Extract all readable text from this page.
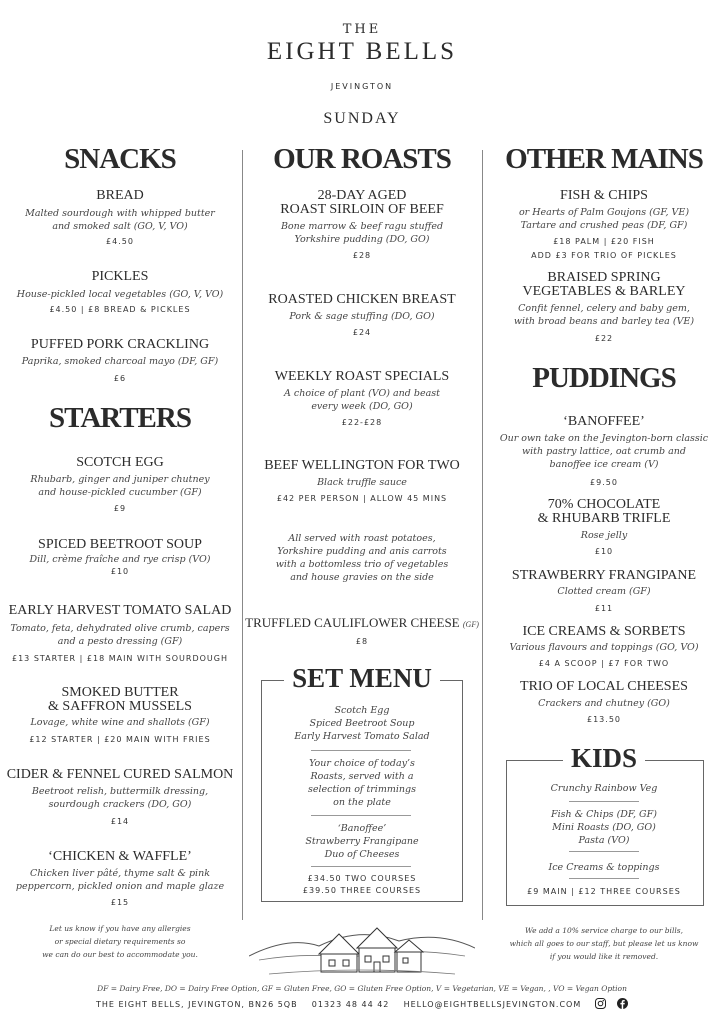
THE
EIGHT BELLS
JEVINGTON
SUNDAY
SNACKS
BREAD
Malted sourdough with whipped butter
and smoked salt (GO, V, VO)
£4.50
PICKLES
House-pickled local vegetables (GO, V, VO)
£4.50 | £8 BREAD & PICKLES
PUFFED PORK CRACKLING
Paprika, smoked charcoal mayo (DF, GF)
£6
STARTERS
SCOTCH EGG
Rhubarb, ginger and juniper chutney
and house-pickled cucumber (GF)
£9
SPICED BEETROOT SOUP
Dill, crème fraîche and rye crisp (VO)
£10
EARLY HARVEST TOMATO SALAD
Tomato, feta, dehydrated olive crumb, capers
and a pesto dressing (GF)
£13 STARTER | £18 MAIN WITH SOURDOUGH
SMOKED BUTTER
& SAFFRON MUSSELS
Lovage, white wine and shallots (GF)
£12 STARTER | £20 MAIN WITH FRIES
CIDER & FENNEL CURED SALMON
Beetroot relish, buttermilk dressing,
sourdough crackers (DO, GO)
£14
‘CHICKEN & WAFFLE’
Chicken liver pâté, thyme salt & pink
peppercorn, pickled onion and maple glaze
£15
Let us know if you have any allergies
or special dietary requirements so
we can do our best to accommodate you.
OUR ROASTS
28-DAY AGED
ROAST SIRLOIN OF BEEF
Bone marrow & beef ragu stuffed
Yorkshire pudding (DO, GO)
£28
ROASTED CHICKEN BREAST
Pork & sage stuffing (DO, GO)
£24
WEEKLY ROAST SPECIALS
A choice of plant (VO) and beast
every week (DO, GO)
£22-£28
BEEF WELLINGTON FOR TWO
Black truffle sauce
£42 PER PERSON | ALLOW 45 MINS
All served with roast potatoes,
Yorkshire pudding and anis carrots
with a bottomless trio of vegetables
and house gravies on the side
TRUFFLED CAULIFLOWER CHEESE (GF)
£8
SET MENU
Scotch Egg
Spiced Beetroot Soup
Early Harvest Tomato Salad
Your choice of today’s
Roasts, served with a
selection of trimmings
on the plate
‘Banoffee’
Strawberry Frangipane
Duo of Cheeses
£34.50 TWO COURSES
£39.50 THREE COURSES
OTHER MAINS
FISH & CHIPS
or Hearts of Palm Goujons (GF, VE)
Tartare and crushed peas (DF, GF)
£18 PALM | £20 FISH
ADD £3 FOR TRIO OF PICKLES
BRAISED SPRING
VEGETABLES & BARLEY
Confit fennel, celery and baby gem,
with broad beans and barley tea (VE)
£22
PUDDINGS
‘BANOFFEE’
Our own take on the Jevington-born classic
with pastry lattice, oat crumb and
banoffee ice cream (V)
£9.50
70% CHOCOLATE
& RHUBARB TRIFLE
Rose jelly
£10
STRAWBERRY FRANGIPANE
Clotted cream (GF)
£11
ICE CREAMS & SORBETS
Various flavours and toppings (GO, VO)
£4 A SCOOP | £7 FOR TWO
TRIO OF LOCAL CHEESES
Crackers and chutney (GO)
£13.50
KIDS
Crunchy Rainbow Veg
Fish & Chips (DF, GF)
Mini Roasts (DO, GO)
Pasta (VO)
Ice Creams & toppings
£9 MAIN | £12 THREE COURSES
We add a 10% service charge to our bills,
which all goes to our staff, but please let us know
if you would like it removed.
DF = Dairy Free, DO = Dairy Free Option, GF = Gluten Free, GO = Gluten Free Option, V = Vegetarian, VE = Vegan, , VO = Vegan Option
THE EIGHT BELLS, JEVINGTON, BN26 5QB 01323 48 44 42 HELLO@EIGHTBELLSJEVINGTON.COM
